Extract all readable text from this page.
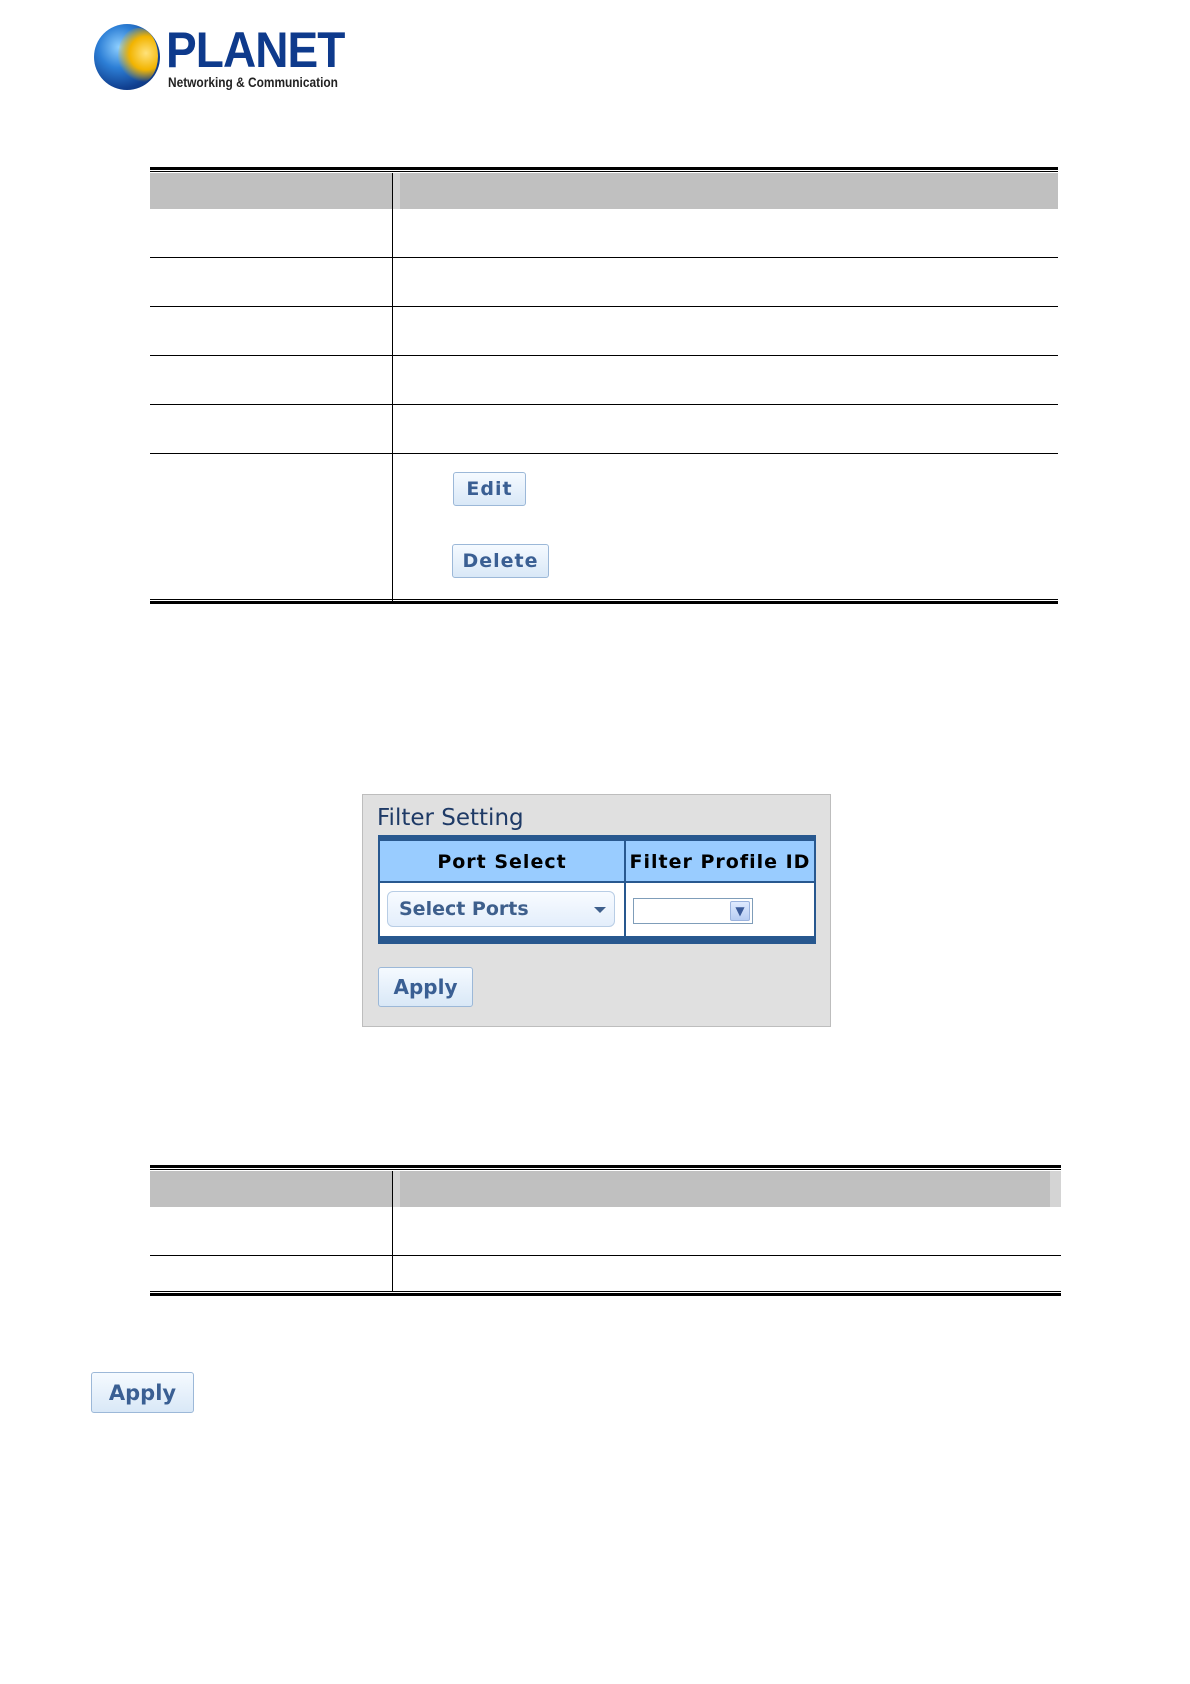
PLANET
Networking & Communication
Edit
Delete
Filter Setting
Port Select	Filter Profile ID
Select Ports	▼
Apply
Apply
